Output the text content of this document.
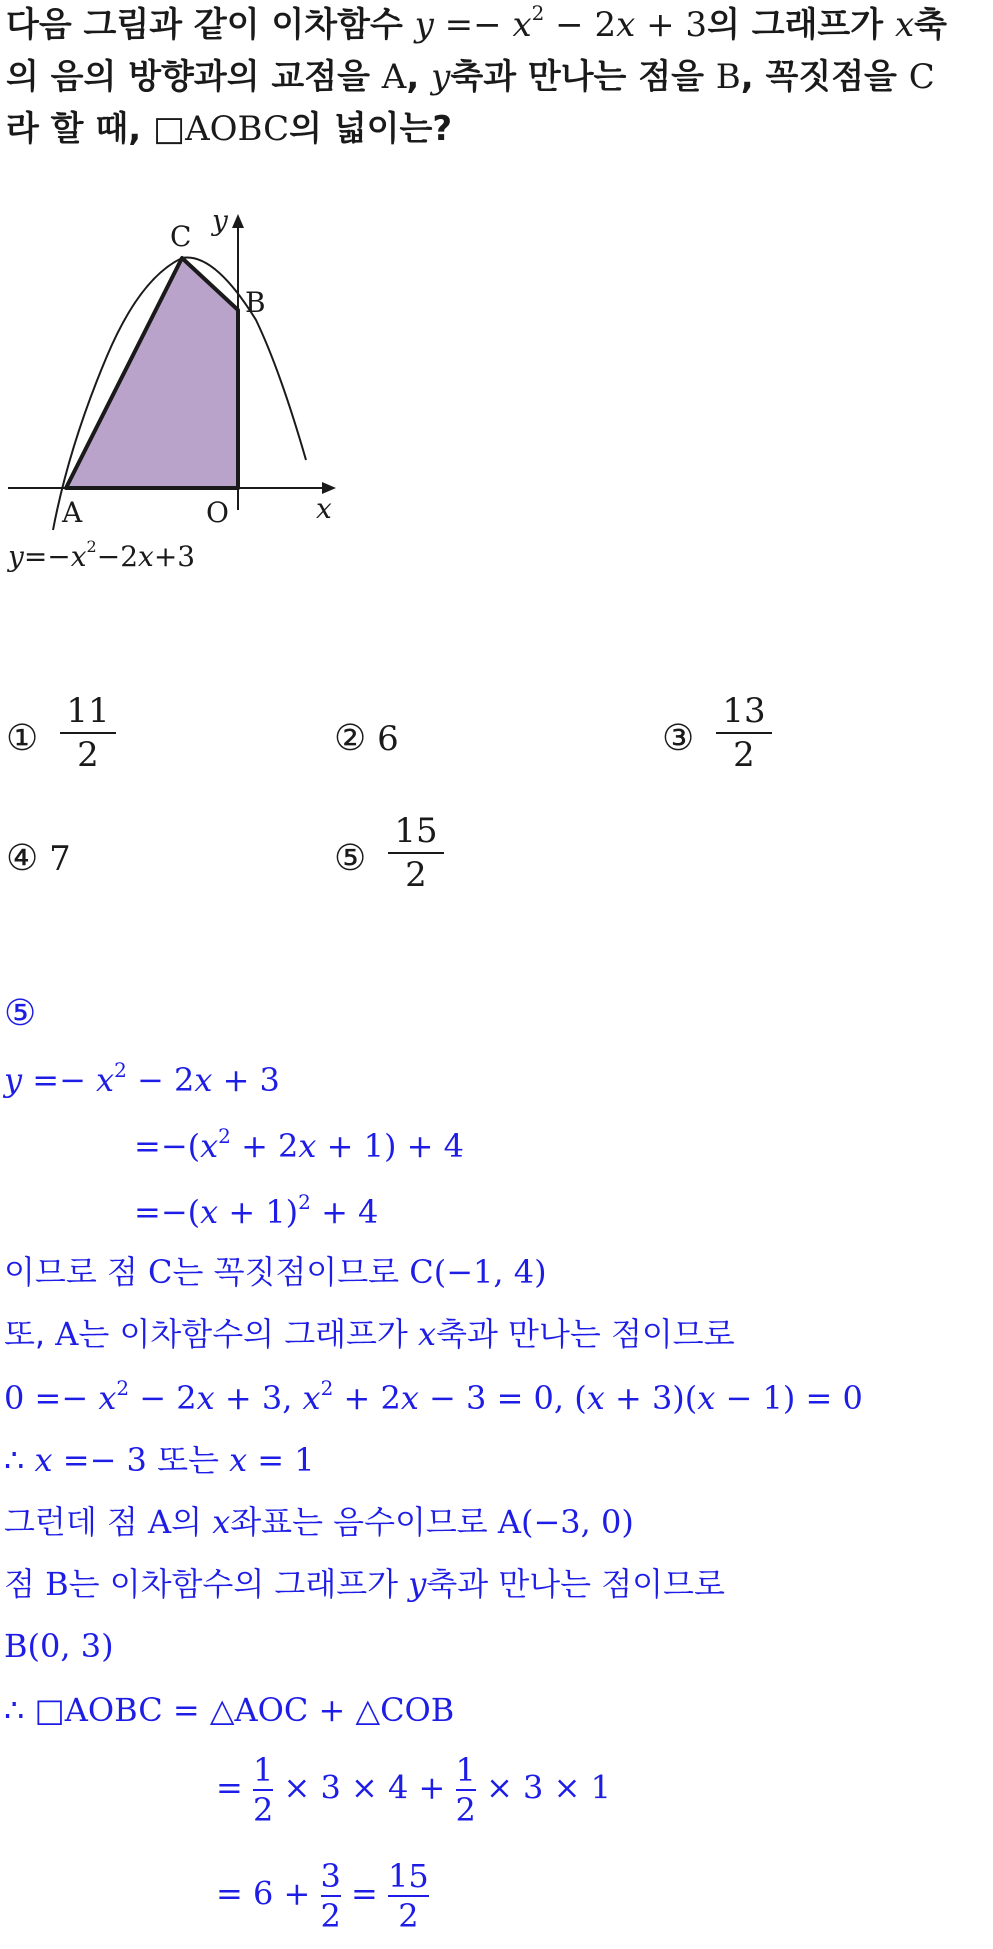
다음 그림과 같이 이차함수 $y =- x^2 - 2x + 3$의 그래프가 x축
의 음의 방향과의 교점을 A, y축과 만나는 점을 B, 꼭짓점을 C
라 할 때, □AOBC의 넓이는?
C
B
A	O
y
x
$y=-x^2-2x+3$
①
11
2	② 6	③
13
2
④ 7	⑤
15
2
⑤
$y =- x^2 - 2x + 3$
$=-(x^2 + 2x + 1) + 4$
$=-(x + 1)^2 + 4$
이므로 점 C는 꼭짓점이므로 C(−1, 4)
또, A는 이차함수의 그래프가 x축과 만나는 점이므로
$0 =- x^2 - 2x + 3$, $x^2 + 2x - 3 = 0$, (x + 3)(x − 1) = 0
∴ x =− 3 또는 x = 1
그런데 점 A의 x좌표는 음수이므로 A(−3, 0)
점 B는 이차함수의 그래프가 y축과 만나는 점이므로
B(0, 3)
∴ □AOBC = △AOC + △COB
= $\frac{1}{2} \times 3 \times 4 + \frac{1}{2} \times 3 \times 1$
= $6 + \frac{3}{2} = \frac{15}{2}$
